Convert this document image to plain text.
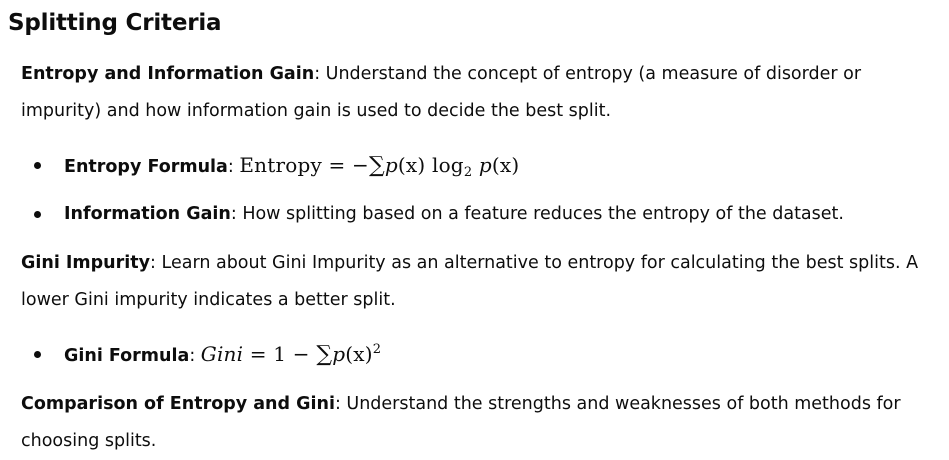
Splitting Criteria

Entropy and Information Gain: Understand the concept of entropy (a measure of disorder or impurity) and how information gain is used to decide the best split.

Entropy Formula: Entropy = −∑p(x) $\log_2 p(x)$
Information Gain: How splitting based on a feature reduces the entropy of the dataset.

Gini Impurity: Learn about Gini Impurity as an alternative to entropy for calculating the best splits. A lower Gini impurity indicates a better split.

Gini Formula: Gini = $1 - \sum p(x)^2$

Comparison of Entropy and Gini: Understand the strengths and weaknesses of both methods for choosing splits.
